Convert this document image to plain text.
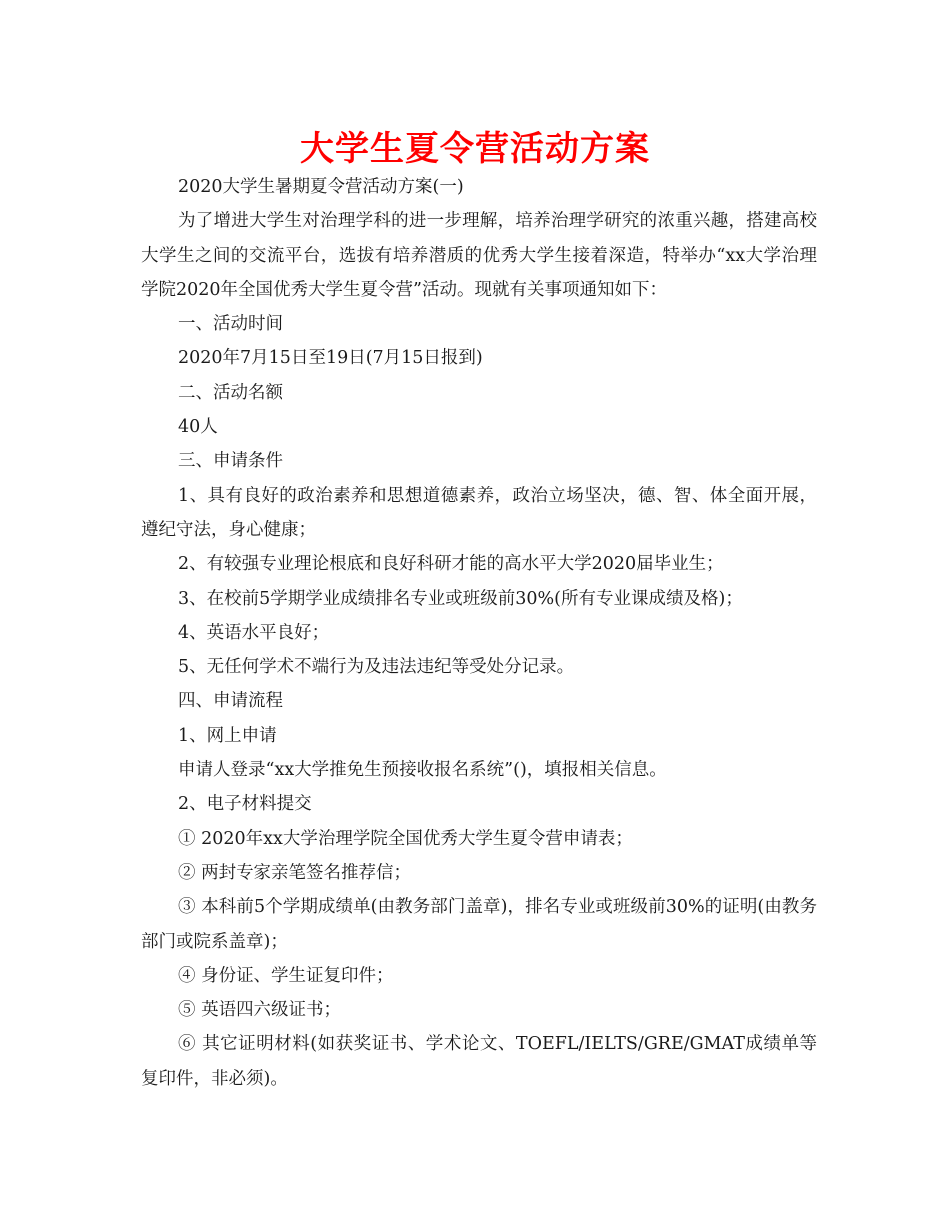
大学生夏令营活动方案

2020大学生暑期夏令营活动方案(一)

为了增进大学生对治理学科的进一步理解，培养治理学研究的浓重兴趣，搭建高校大学生之间的交流平台，选拔有培养潜质的优秀大学生接着深造，特举办“xx大学治理学院2020年全国优秀大学生夏令营”活动。现就有关事项通知如下：

一、活动时间

2020年7月15日至19日(7月15日报到)

二、活动名额

40人

三、申请条件

1、具有良好的政治素养和思想道德素养，政治立场坚决，德、智、体全面开展，遵纪守法，身心健康；

2、有较强专业理论根底和良好科研才能的高水平大学2020届毕业生；

3、在校前5学期学业成绩排名专业或班级前30%(所有专业课成绩及格)；

4、英语水平良好；

5、无任何学术不端行为及违法违纪等受处分记录。

四、申请流程

1、网上申请

申请人登录“xx大学推免生预接收报名系统”()，填报相关信息。

2、电子材料提交

① 2020年xx大学治理学院全国优秀大学生夏令营申请表；

② 两封专家亲笔签名推荐信；

③ 本科前5个学期成绩单(由教务部门盖章)，排名专业或班级前30%的证明(由教务部门或院系盖章)；

④ 身份证、学生证复印件；

⑤ 英语四六级证书；

⑥ 其它证明材料(如获奖证书、学术论文、TOEFL/IELTS/GRE/GMAT成绩单等复印件，非必须)。
